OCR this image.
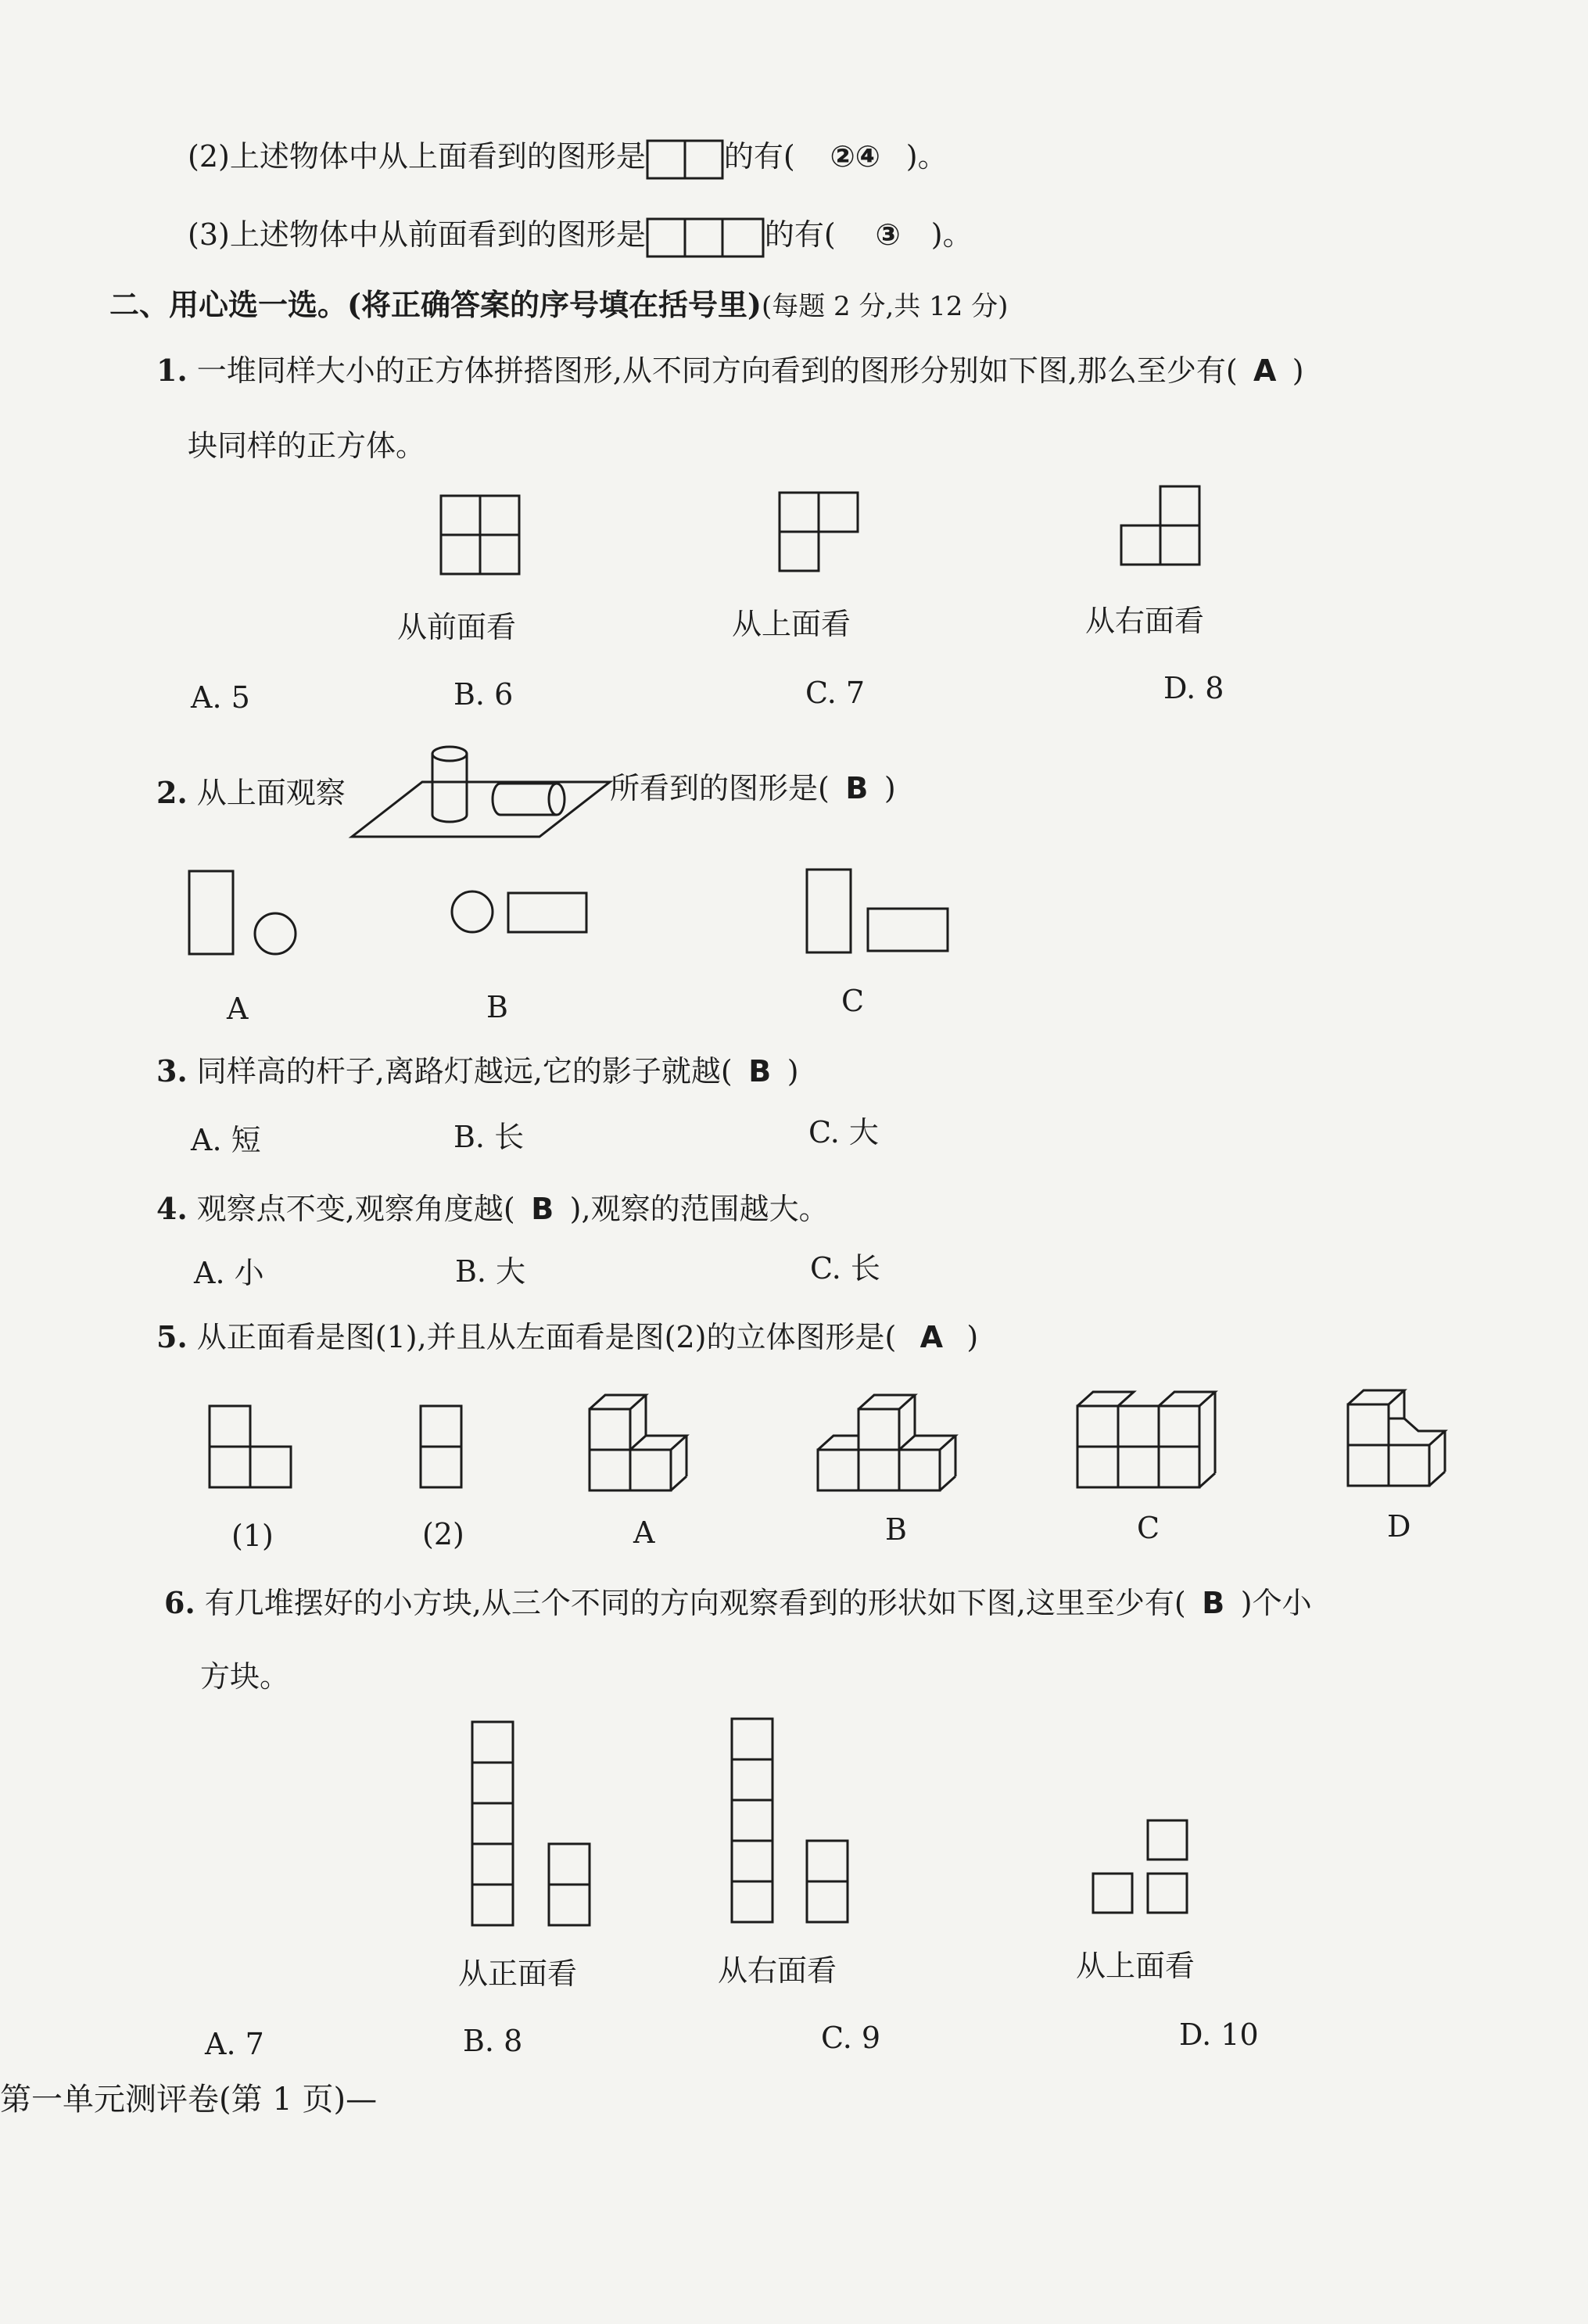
(2)上述物体中从上面看到的图形是	的有( ②④ )。
(3)上述物体中从前面看到的图形是	的有( ③ )。
二、用心选一选。(将正确答案的序号填在括号里)(每题 2 分,共 12 分)
1. 一堆同样大小的正方体拼搭图形,从不同方向看到的图形分别如下图,那么至少有( A )
块同样的正方体。
从前面看	从上面看	从右面看
A. 5	B. 6	C. 7	D. 8
2. 从上面观察	所看到的图形是( B )
A	B	C
3. 同样高的杆子,离路灯越远,它的影子就越( B )
A. 短	B. 长	C. 大
4. 观察点不变,观察角度越( B ),观察的范围越大。
A. 小	B. 大	C. 长
5. 从正面看是图(1),并且从左面看是图(2)的立体图形是( A )
(1)	(2)	A	B	C	D
6. 有几堆摆好的小方块,从三个不同的方向观察看到的形状如下图,这里至少有( B )个小
方块。
从正面看	从右面看	从上面看
A. 7	B. 8	C. 9	D. 10
第一单元测评卷(第 1 页)—
